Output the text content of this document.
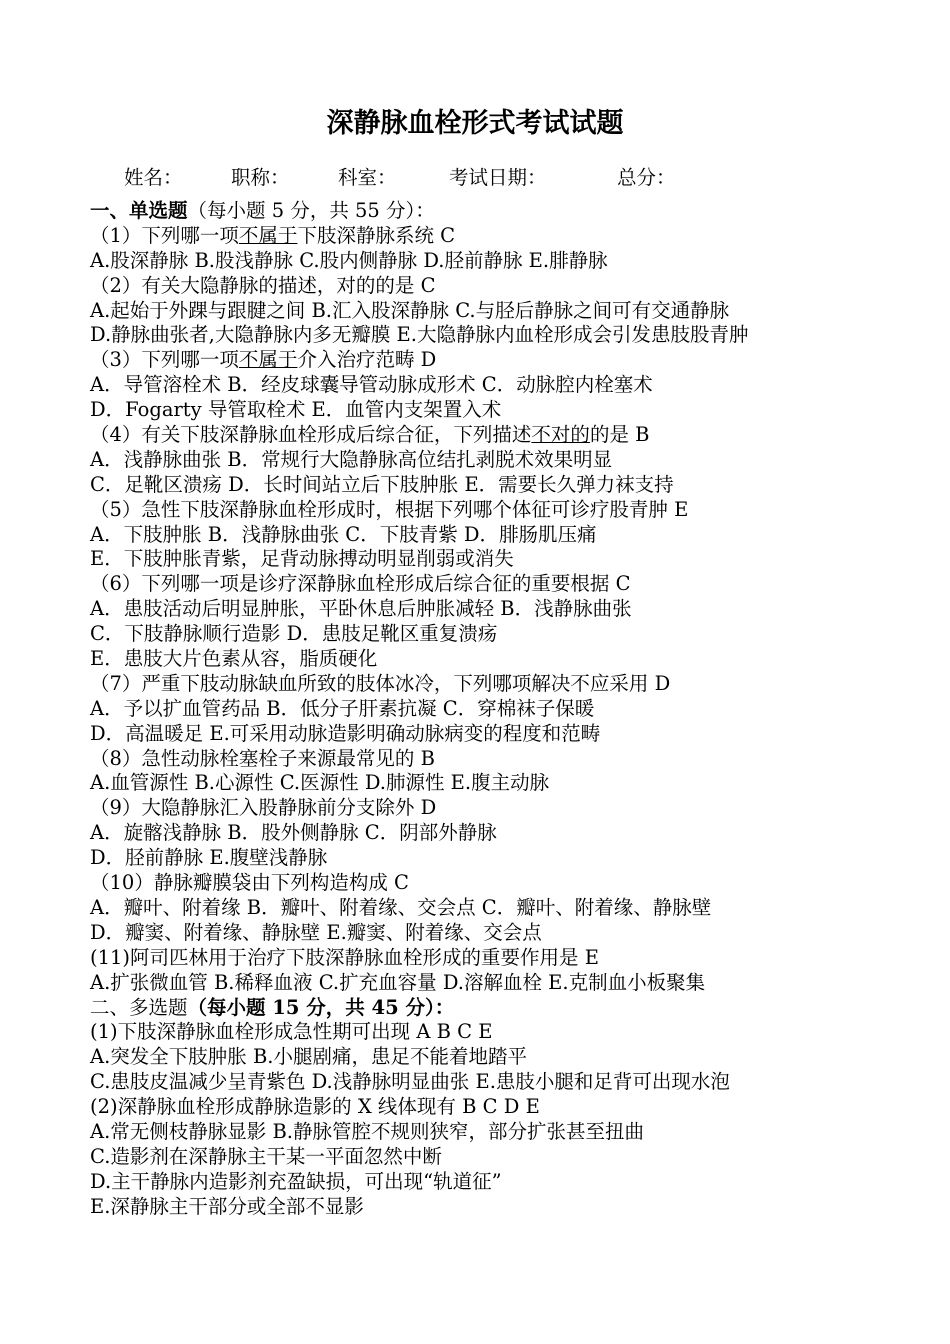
深静脉血栓形式考试试题
姓名： 职称： 科室：	考试日期：	总分：
一、单选题（每小题 5 分，共 55 分）：
（1）下列哪一项不属于下肢深静脉系统 C
A.股深静脉 B.股浅静脉 C.股内侧静脉 D.胫前静脉 E.腓静脉
（2）有关大隐静脉的描述，对的的是 C
A.起始于外踝与跟腱之间 B.汇入股深静脉 C.与胫后静脉之间可有交通静脉
D.静脉曲张者,大隐静脉内多无瓣膜 E.大隐静脉内血栓形成会引发患肢股青肿
（3）下列哪一项不属于介入治疗范畴 D
A．导管溶栓术 B．经皮球囊导管动脉成形术 C．动脉腔内栓塞术
D．Fogarty 导管取栓术 E．血管内支架置入术
（4）有关下肢深静脉血栓形成后综合征，下列描述不对的的是 B
A．浅静脉曲张 B．常规行大隐静脉高位结扎剥脱术效果明显
C．足靴区溃疡 D．长时间站立后下肢肿胀 E．需要长久弹力袜支持
（5）急性下肢深静脉血栓形成时，根据下列哪个体征可诊疗股青肿 E
A．下肢肿胀 B．浅静脉曲张 C．下肢青紫 D．腓肠肌压痛
E．下肢肿胀青紫，足背动脉搏动明显削弱或消失
（6）下列哪一项是诊疗深静脉血栓形成后综合征的重要根据 C
A．患肢活动后明显肿胀，平卧休息后肿胀减轻 B．浅静脉曲张
C．下肢静脉顺行造影 D．患肢足靴区重复溃疡
E．患肢大片色素从容，脂质硬化
（7）严重下肢动脉缺血所致的肢体冰冷，下列哪项解决不应采用 D
A．予以扩血管药品 B．低分子肝素抗凝 C．穿棉袜子保暖
D．高温暖足 E.可采用动脉造影明确动脉病变的程度和范畴
（8）急性动脉栓塞栓子来源最常见的 B
A.血管源性 B.心源性 C.医源性 D.肺源性 E.腹主动脉
（9）大隐静脉汇入股静脉前分支除外 D
A．旋髂浅静脉 B．股外侧静脉 C．阴部外静脉
D．胫前静脉 E.腹壁浅静脉
（10）静脉瓣膜袋由下列构造构成 C
A．瓣叶、附着缘 B．瓣叶、附着缘、交会点 C．瓣叶、附着缘、静脉壁
D．瓣窦、附着缘、静脉壁 E.瓣窦、附着缘、交会点
(11)阿司匹林用于治疗下肢深静脉血栓形成的重要作用是 E
A.扩张微血管 B.稀释血液 C.扩充血容量 D.溶解血栓 E.克制血小板聚集
二、多选题（每小题 15 分，共 45 分）：
(1)下肢深静脉血栓形成急性期可出现 A B C E
A.突发全下肢肿胀 B.小腿剧痛，患足不能着地踏平
C.患肢皮温减少呈青紫色 D.浅静脉明显曲张 E.患肢小腿和足背可出现水泡
(2)深静脉血栓形成静脉造影的 X 线体现有 B C D E
A.常无侧枝静脉显影 B.静脉管腔不规则狭窄，部分扩张甚至扭曲
C.造影剂在深静脉主干某一平面忽然中断
D.主干静脉内造影剂充盈缺损，可出现“轨道征”
E.深静脉主干部分或全部不显影
